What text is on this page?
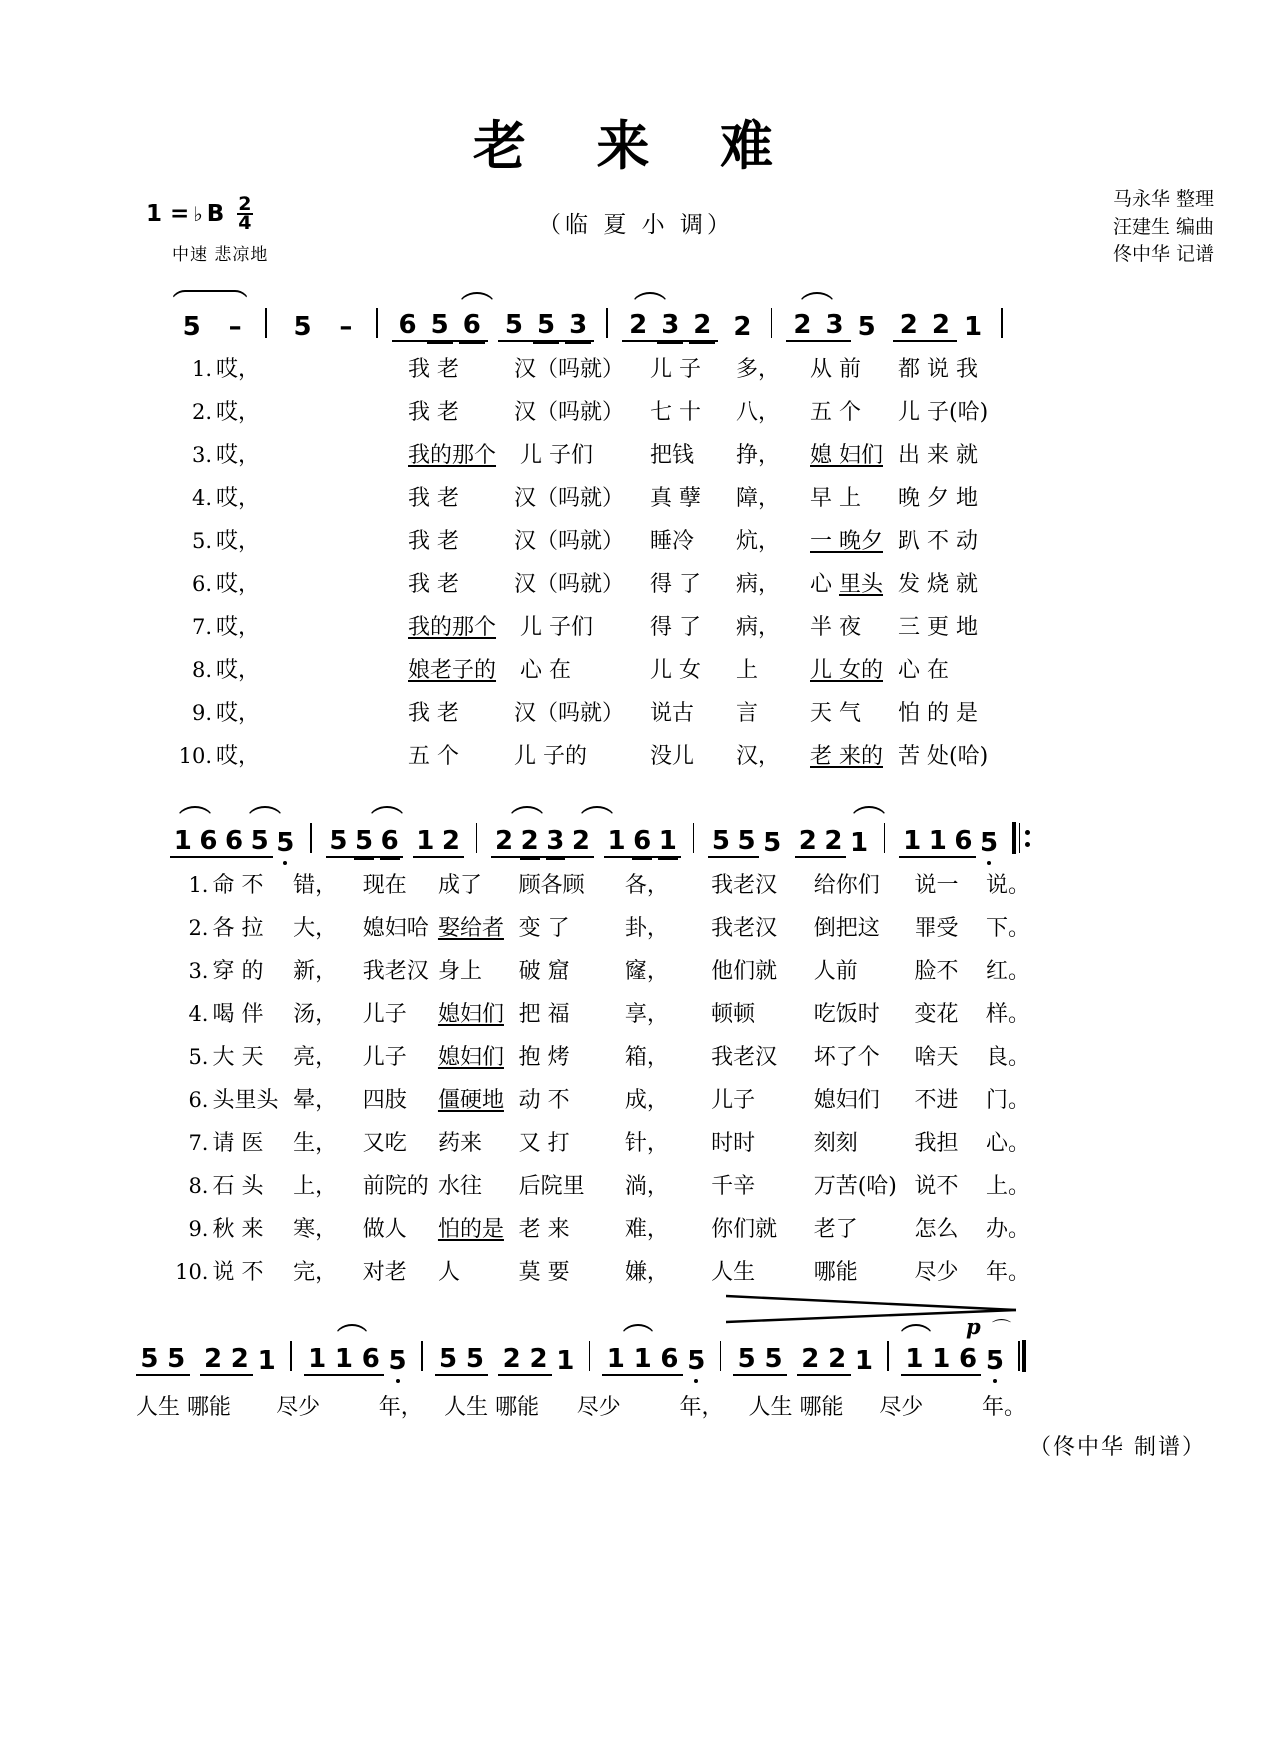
老 来 难
（临 夏 小 调）
1 = ♭ B $\frac{2}{4}$
中速 悲凉地
马永华 整理
汪建生 编曲
佟中华 记谱
5	–	5	–	6 5 6 5 5 3 2 3 2 2 2 3 5 2 2 1
1. 哎，	我 老	汉（吗就）	儿 子	多，	从 前	都 说 我
2. 哎，	我 老	汉（吗就）	七 十	八，	五 个	儿 子(哈)
3. 哎，	我的那个	儿 子们	把钱	挣，	媳 妇们 出 来 就
4. 哎，	我 老	汉（吗就）	真 孽	障，	早 上	晚 夕 地
5. 哎，	我 老	汉（吗就）	睡冷	炕，	一 晚夕 趴 不 动
6. 哎，	我 老	汉（吗就）	得 了	病，	心 里头 发 烧 就
7. 哎，	我的那个	儿 子们	得 了	病，	半 夜	三 更 地
8. 哎，	娘老子的	心 在	儿 女	上	儿 女的 心 在
9. 哎，	我 老	汉（吗就）	说古	言	天 气	怕 的 是
10. 哎，	五 个	儿 子的	没儿	汉，	老 来的 苦 处(哈)
1 6 6 5 5 5 5 6 1 2 2 2 3 2 1 6 1 5 5 5 2 2 1 1 1 6 5
1. 命 不	错，	现在	成了	顾各顾	各，	我老汉	给你们	说一	说。
2. 各 拉	大，	媳妇哈 娶给者 变 了	卦，	我老汉	倒把这	罪受	下。
3. 穿 的	新，	我老汉 身上	破 窟	窿，	他们就	人前	脸不	红。
4. 喝 伴	汤，	儿子	媳妇们 把 福	享，	顿顿	吃饭时	变花	样。
5. 大 天	亮，	儿子	媳妇们 抱 烤	箱，	我老汉	坏了个	啥天	良。
6. 头里头 晕，	四肢	僵硬地 动 不	成，	儿子	媳妇们	不进	门。
7. 请 医	生，	又吃	药来	又 打	针，	时时	刻刻	我担	心。
8. 石 头	上，	前院的 水往	后院里	淌，	千辛	万苦(哈) 说不	上。
9. 秋 来	寒，	做人	怕的是 老 来	难，	你们就	老了	怎么	办。
10. 说 不	完，	对老	人	莫 要	嫌，	人生	哪能	尽少	年。
p ⌒
5 5 2 2 1 1 1 6 5 5 5 2 2 1 1 1 6 5 5 5 2 2 1 1 1 6 5
人生 哪能	尽少	年， 人生 哪能	尽少	年，	人生 哪能	尽少	年。
（佟中华 制谱）
